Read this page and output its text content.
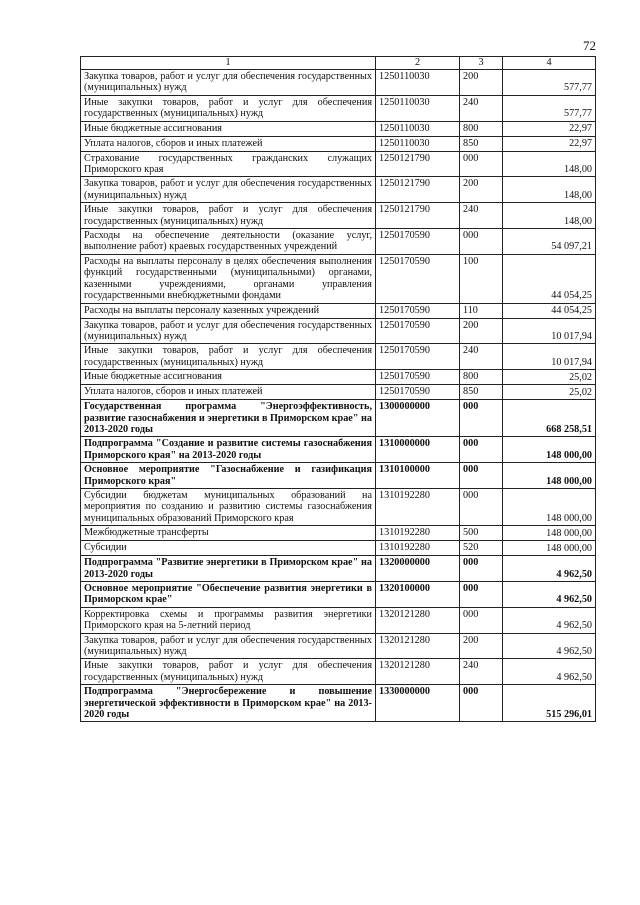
72
1	2	3	4
Закупка товаров, работ и услуг для обеспечения государственных (муниципальных) нужд	1250110030	200	577,77
Иные закупки товаров, работ и услуг для обеспечения государственных (муниципальных) нужд	1250110030	240	577,77
Иные бюджетные ассигнования	1250110030	800	22,97
Уплата налогов, сборов и иных платежей	1250110030	850	22,97
Страхование государственных гражданских служащих Приморского края	1250121790	000	148,00
Закупка товаров, работ и услуг для обеспечения государственных (муниципальных) нужд	1250121790	200	148,00
Иные закупки товаров, работ и услуг для обеспечения государственных (муниципальных) нужд	1250121790	240	148,00
Расходы на обеспечение деятельности (оказание услуг, выполнение работ) краевых государственных учреждений	1250170590	000	54 097,21
Расходы на выплаты персоналу в целях обеспечения выполнения функций государственными (муниципальными) органами, казенными учреждениями, органами управления государственными внебюджетными фондами	1250170590	100	44 054,25
Расходы на выплаты персоналу казенных учреждений	1250170590	110	44 054,25
Закупка товаров, работ и услуг для обеспечения государственных (муниципальных) нужд	1250170590	200	10 017,94
Иные закупки товаров, работ и услуг для обеспечения государственных (муниципальных) нужд	1250170590	240	10 017,94
Иные бюджетные ассигнования	1250170590	800	25,02
Уплата налогов, сборов и иных платежей	1250170590	850	25,02
Государственная программа "Энергоэффективность, развитие газоснабжения и энергетики в Приморском крае" на 2013-2020 годы	1300000000	000	668 258,51
Подпрограмма "Создание и развитие системы газоснабжения Приморского края" на 2013-2020 годы	1310000000	000	148 000,00
Основное мероприятие "Газоснабжение и газификация Приморского края"	1310100000	000	148 000,00
Субсидии бюджетам муниципальных образований на мероприятия по созданию и развитию системы газоснабжения муниципальных образований Приморского края	1310192280	000	148 000,00
Межбюджетные трансферты	1310192280	500	148 000,00
Субсидии	1310192280	520	148 000,00
Подпрограмма "Развитие энергетики в Приморском крае" на 2013-2020 годы	1320000000	000	4 962,50
Основное мероприятие "Обеспечение развития энергетики в Приморском крае"	1320100000	000	4 962,50
Корректировка схемы и программы развития энергетики Приморского края на 5-летний период	1320121280	000	4 962,50
Закупка товаров, работ и услуг для обеспечения государственных (муниципальных) нужд	1320121280	200	4 962,50
Иные закупки товаров, работ и услуг для обеспечения государственных (муниципальных) нужд	1320121280	240	4 962,50
Подпрограмма "Энергосбережение и повышение энергетической эффективности в Приморском крае" на 2013-2020 годы	1330000000	000	515 296,01
